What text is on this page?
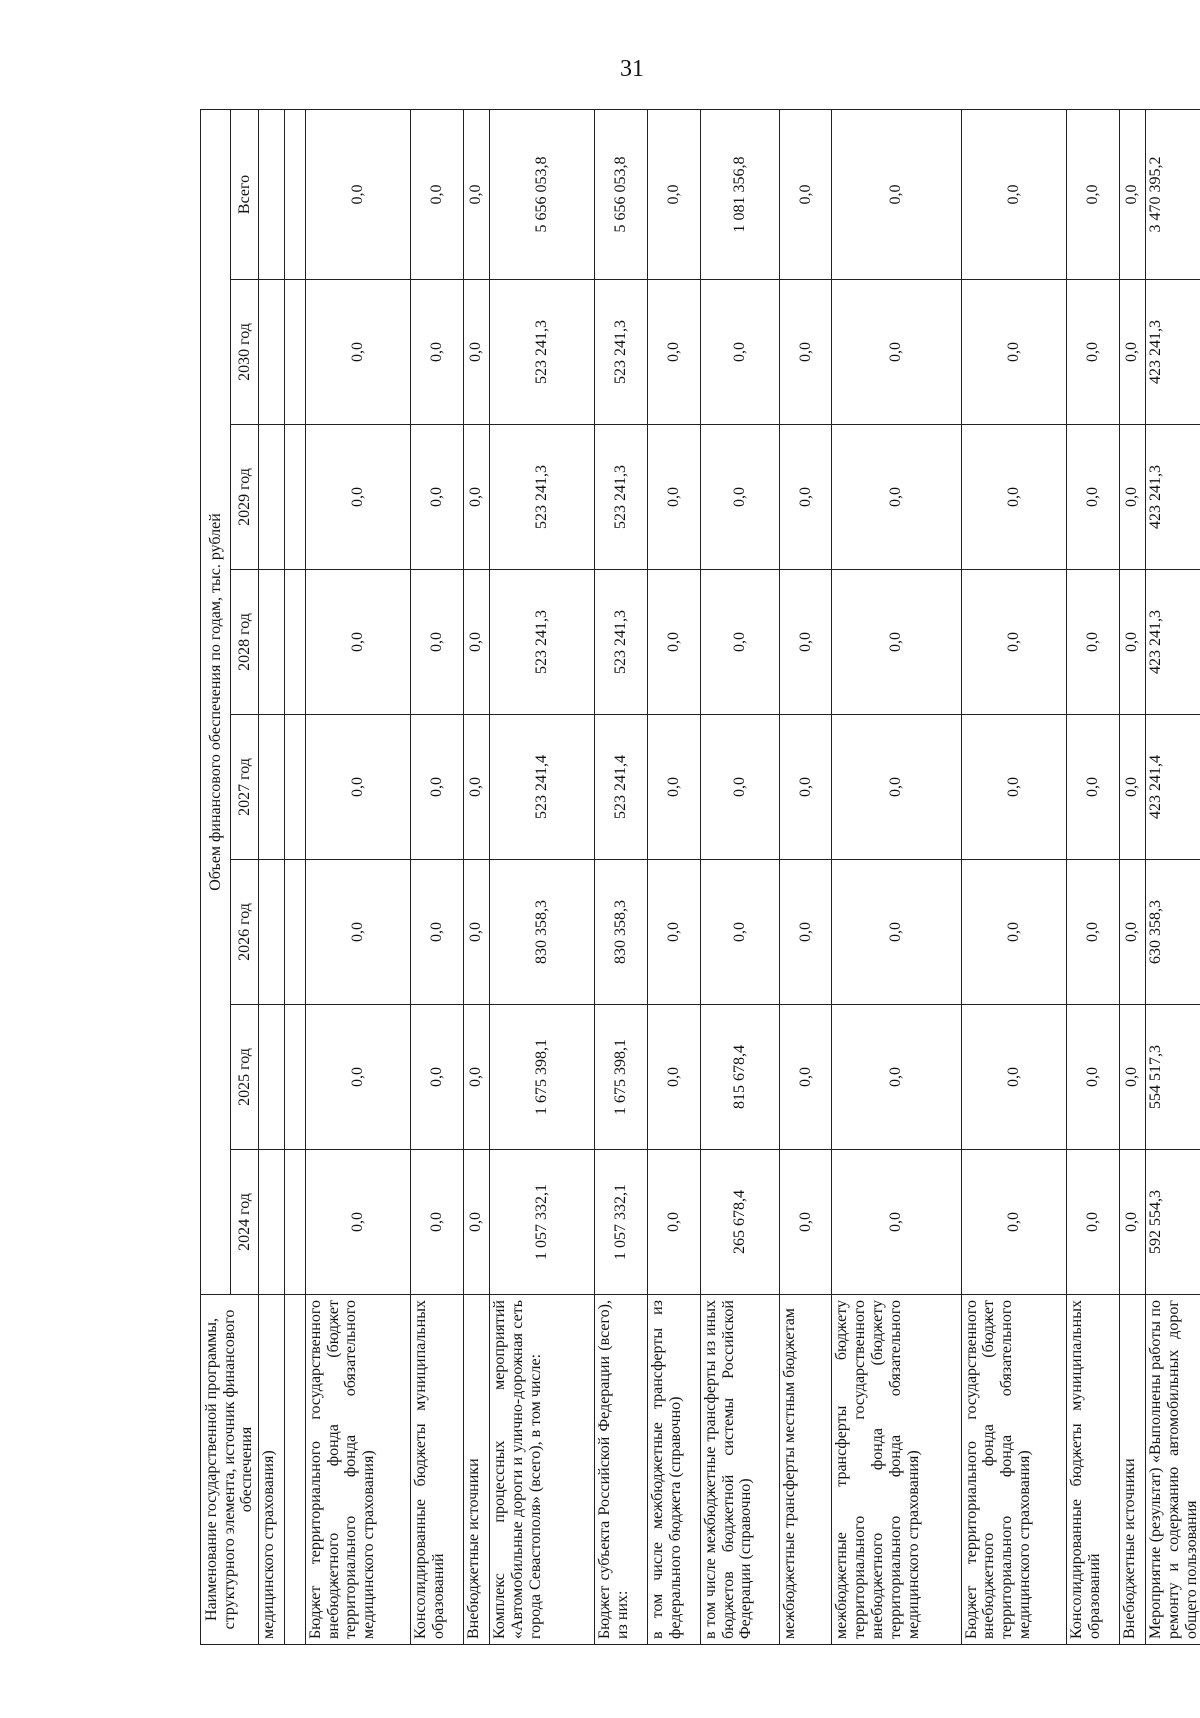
31
Наименование государственной программы, структурного элемента, источник финансового обеспечения	Объем финансового обеспечения по годам, тыс. рублей							
	2024 год	2025 год	2026 год	2027 год	2028 год	2029 год	2030 год	Всего
медицинского страхования)								

Бюджет территориального государственного внебюджетного фонда (бюджет территориального фонда обязательного медицинского страхования)	0,0	0,0	0,0	0,0	0,0	0,0	0,0	0,0
Консолидированные бюджеты муниципальных образований	0,0	0,0	0,0	0,0	0,0	0,0	0,0	0,0
Внебюджетные источники	0,0	0,0	0,0	0,0	0,0	0,0	0,0	0,0
Комплекс процессных мероприятий «Автомобильные дороги и улично-дорожная сеть города Севастополя» (всего), в том числе:	1 057 332,1	1 675 398,1	830 358,3	523 241,4	523 241,3	523 241,3	523 241,3	5 656 053,8
Бюджет субъекта Российской Федерации (всего), из них:	1 057 332,1	1 675 398,1	830 358,3	523 241,4	523 241,3	523 241,3	523 241,3	5 656 053,8
в том числе межбюджетные трансферты из федерального бюджета (справочно)	0,0	0,0	0,0	0,0	0,0	0,0	0,0	0,0
в том числе межбюджетные трансферты из иных бюджетов бюджетной системы Российской Федерации (справочно)	265 678,4	815 678,4	0,0	0,0	0,0	0,0	0,0	1 081 356,8
межбюджетные трансферты местным бюджетам	0,0	0,0	0,0	0,0	0,0	0,0	0,0	0,0
межбюджетные трансферты бюджету территориального государственного внебюджетного фонда (бюджету территориального фонда обязательного медицинского страхования)	0,0	0,0	0,0	0,0	0,0	0,0	0,0	0,0
Бюджет территориального государственного внебюджетного фонда (бюджет территориального фонда обязательного медицинского страхования)	0,0	0,0	0,0	0,0	0,0	0,0	0,0	0,0
Консолидированные бюджеты муниципальных образований	0,0	0,0	0,0	0,0	0,0	0,0	0,0	0,0
Внебюджетные источники	0,0	0,0	0,0	0,0	0,0	0,0	0,0	0,0
Мероприятие (результат) «Выполнены работы по ремонту и содержанию автомобильных дорог общего пользования	592 554,3	554 517,3	630 358,3	423 241,4	423 241,3	423 241,3	423 241,3	3 470 395,2
